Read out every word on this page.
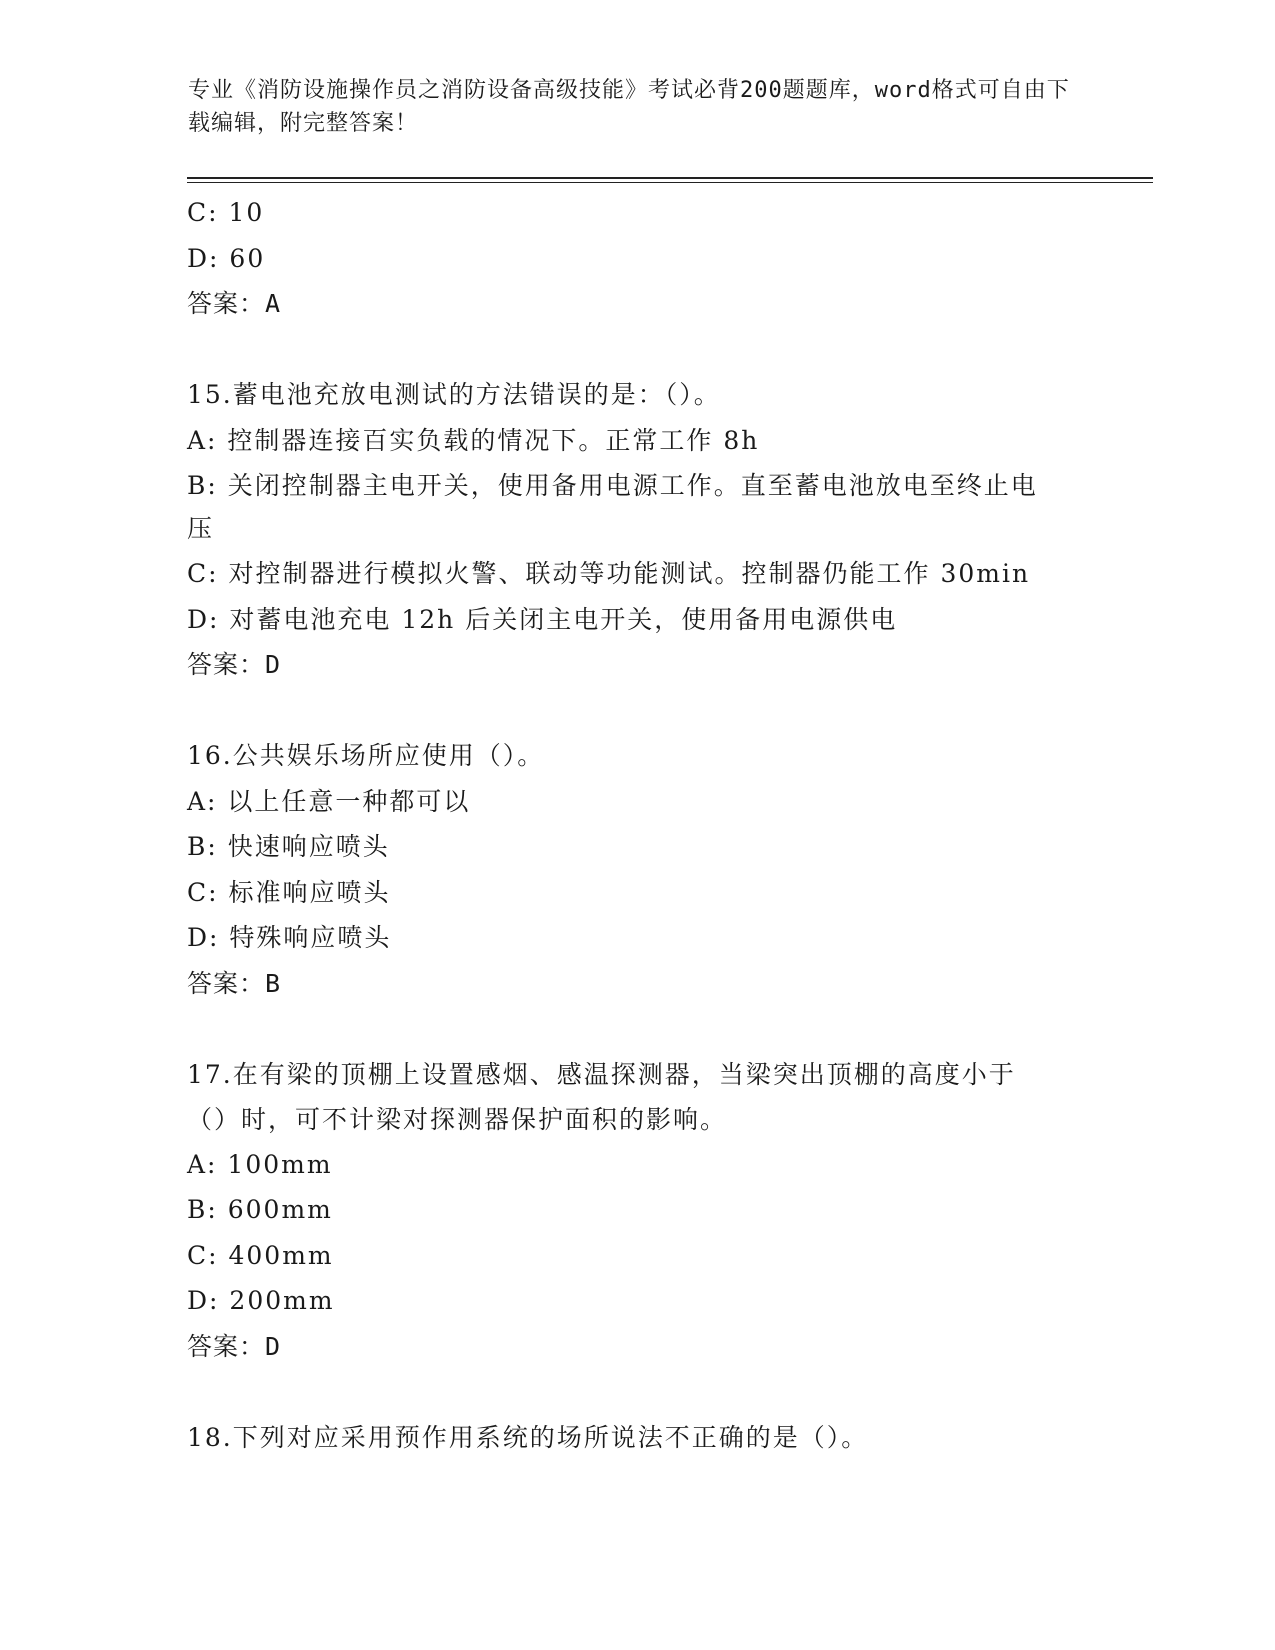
专业《消防设施操作员之消防设备高级技能》考试必背200题题库，word格式可自由下载编辑，附完整答案！
C: 10
D: 60
答案：A
15.蓄电池充放电测试的方法错误的是：（）。
A: 控制器连接百实负载的情况下。正常工作 8h
B: 关闭控制器主电开关，使用备用电源工作。直至蓄电池放电至终止电压
C: 对控制器进行模拟火警、联动等功能测试。控制器仍能工作 30min
D: 对蓄电池充电 12h 后关闭主电开关，使用备用电源供电
答案：D
16.公共娱乐场所应使用（）。
A: 以上任意一种都可以
B: 快速响应喷头
C: 标准响应喷头
D: 特殊响应喷头
答案：B
17.在有梁的顶棚上设置感烟、感温探测器，当梁突出顶棚的高度小于（）时，可不计梁对探测器保护面积的影响。
A: 100mm
B: 600mm
C: 400mm
D: 200mm
答案：D
18.下列对应采用预作用系统的场所说法不正确的是（）。
